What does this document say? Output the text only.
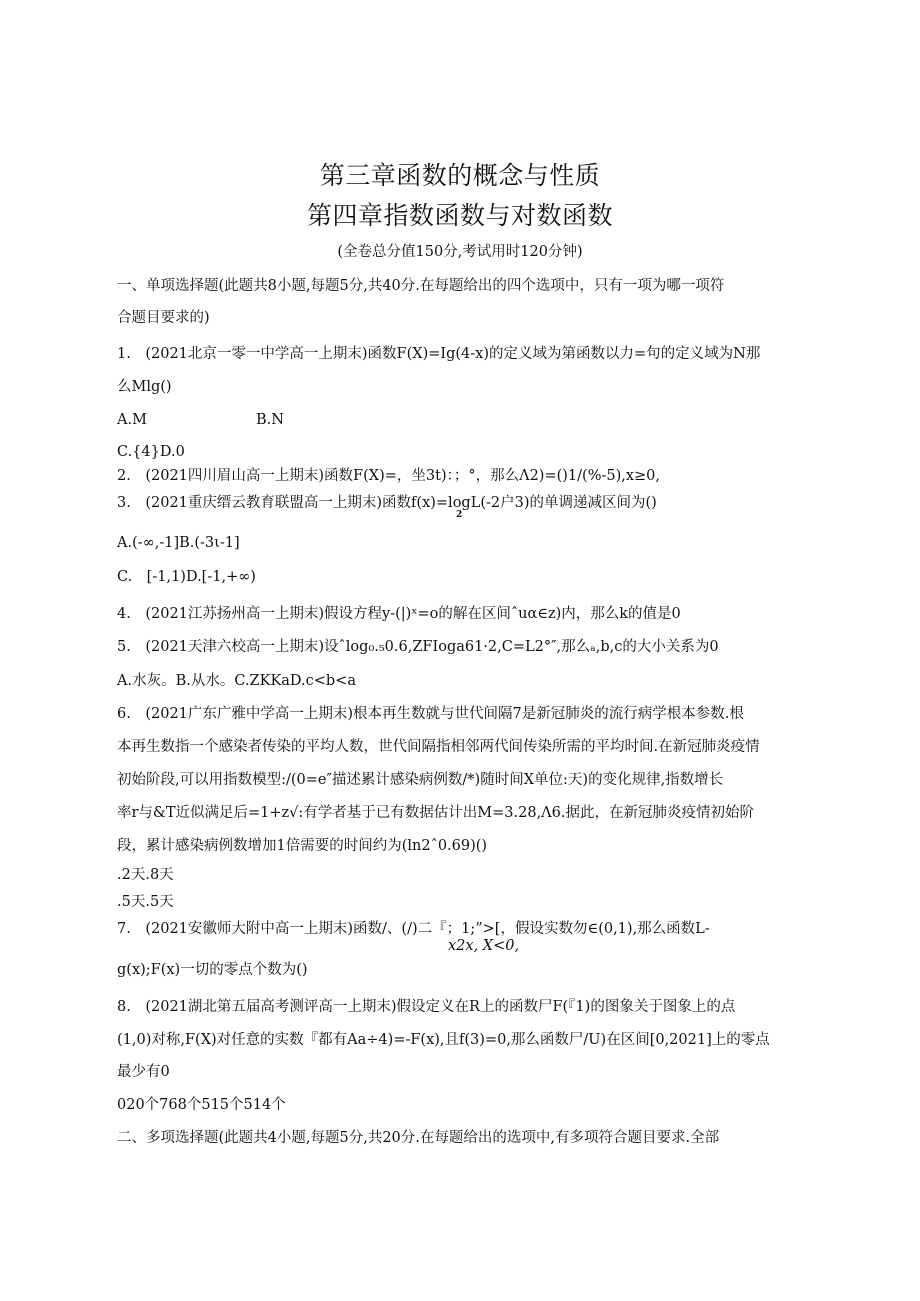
第三章函数的概念与性质
第四章指数函数与对数函数
(全卷总分值150分,考试用时120分钟)
一、单项选择题(此题共8小题,每题5分,共40分.在每题给出的四个选项中，只有一项为哪一项符
合题目要求的)
1.　(2021北京一零一中学高一上期末)函数F(X)=Ig(4-x)的定义域为第函数以力=句的定义域为N那
么Mlg()
A.M	B.N
C.{4}D.0
2.　(2021四川眉山高一上期末)函数F(X)=，坐3t)：；°，那么Λ2)=()1/(%-5),x≥0,
3.　(2021重庆缙云教育联盟高一上期末)函数f(x)=logL(-2户3)的单调递减区间为()
2
A.(-∞,-1]B.(-3ι-1]
C.　[-1,1)D.[-1,+∞)
4.　(2021江苏扬州高一上期末)假设方程y-(|)ˣ=o的解在区间ˆuα∈z)内，那么k的值是0
5.　(2021天津六校高一上期末)设ˆlog₀.₅0.6,ZFIoga61·2,C=L2°″,那么ₐ,b,c的大小关系为0
A.水灰。B.从水。C.ZKKaD.c<b<a
6.　(2021广东广雅中学高一上期末)根本再生数就与世代间隔7是新冠肺炎的流行病学根本参数.根
本再生数指一个感染者传染的平均人数，世代间隔指相邻两代间传染所需的平均时间.在新冠肺炎疫情
初始阶段,可以用指数模型:/(0=e″描述累计感染病例数/*)随时间X单位:天)的变化规律,指数增长
率r与&T近似满足后=1+z√:有学者基于已有数据估计出M=3.28,Λ6.据此，在新冠肺炎疫情初始阶
段，累计感染病例数增加1倍需要的时间约为(ln2ˆ0.69)()
.2天.8天
.5天.5天
7.　(2021安徽师大附中高一上期末)函数/、(/)二『；1;”>[，假设实数勿∈(0,1),那么函数L-
x2x, X<0,
g(x);F(x)一切的零点个数为()
8.　(2021湖北第五届高考测评高一上期末)假设定义在R上的函数尸F(『1)的图象关于图象上的点
(1,0)对称,F(X)对任意的实数『都有Aa÷4)=-F(x),且f(3)=0,那么函数尸/U)在区间[0,2021]上的零点
最少有0
020个768个515个514个
二、多项选择题(此题共4小题,每题5分,共20分.在每题给出的选项中,有多项符合题目要求.全部
